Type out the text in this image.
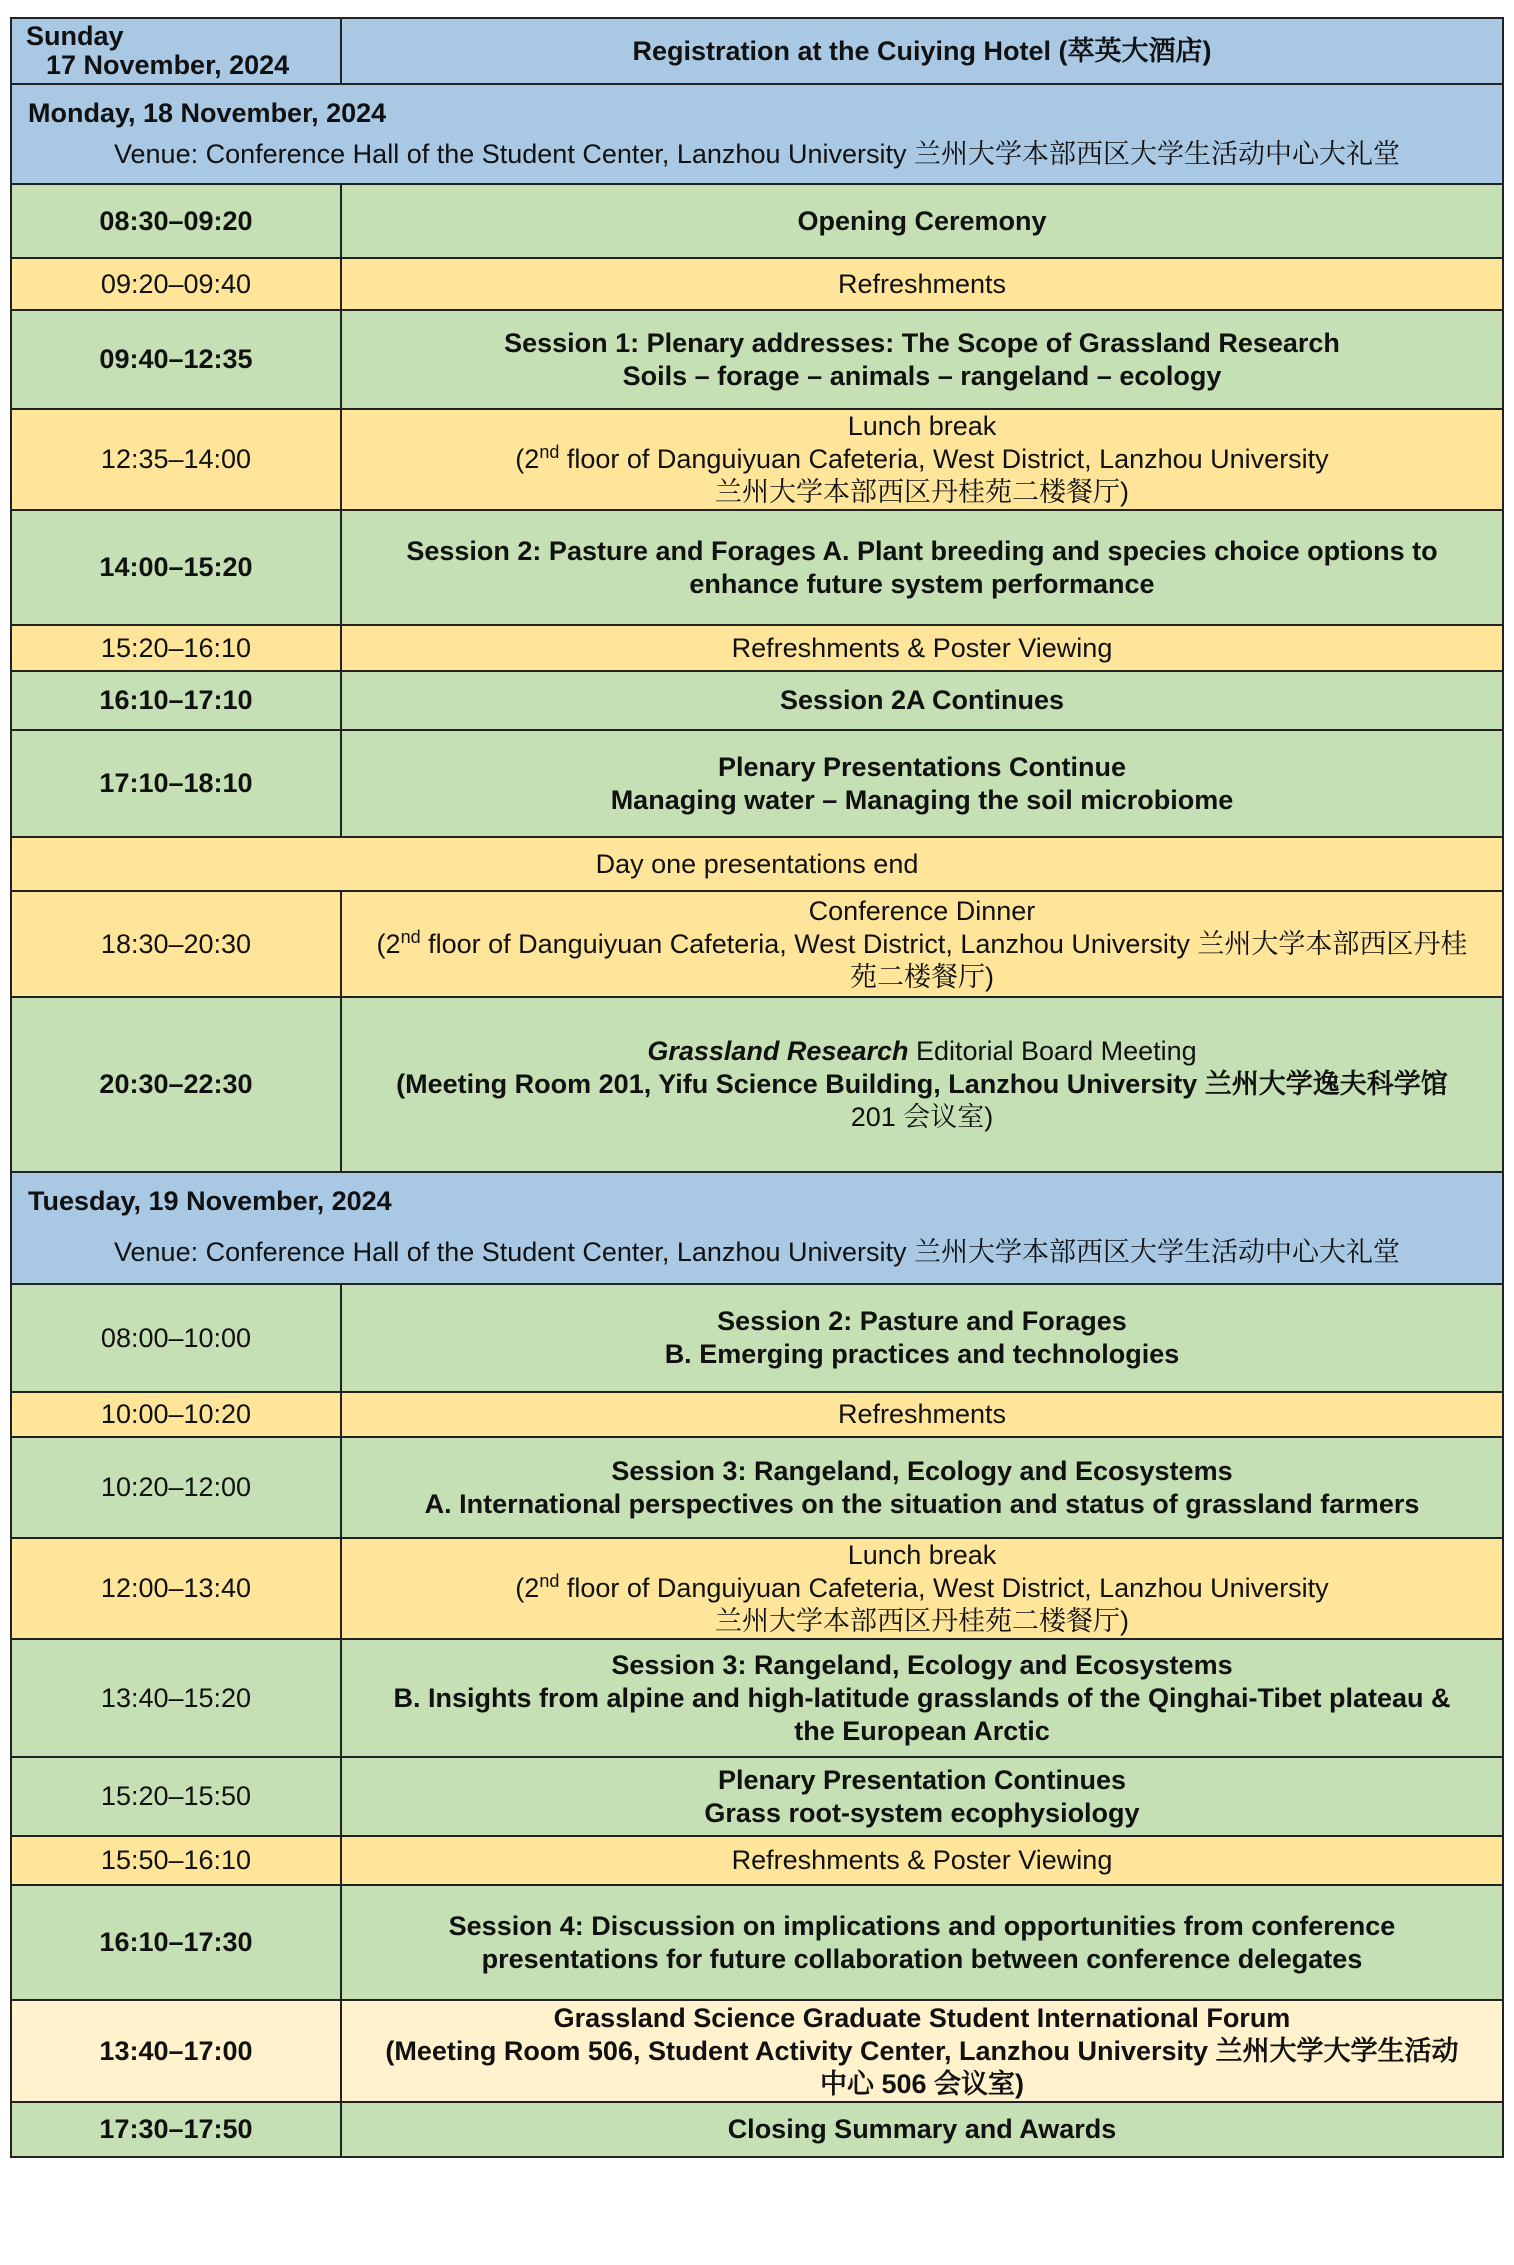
Sunday
17 November, 2024	Registration at the Cuiying Hotel (萃英大酒店)

Monday, 18 November, 2024
Venue: Conference Hall of the Student Center, Lanzhou University 兰州大学本部西区大学生活动中心大礼堂	

08:30–09:20	Opening Ceremony
09:20–09:40	Refreshments
09:40–12:35	Session 1: Plenary addresses: The Scope of Grassland Research
Soils – forage – animals – rangeland – ecology

12:35–14:00	Lunch break
(2nd floor of Danguiyuan Cafeteria, West District, Lanzhou University
兰州大学本部西区丹桂苑二楼餐厅)

14:00–15:20	Session 2: Pasture and Forages A. Plant breeding and species choice options to
enhance future system performance

15:20–16:10	Refreshments & Poster Viewing
16:10–17:10	Session 2A Continues
17:10–18:10	Plenary Presentations Continue
Managing water – Managing the soil microbiome

Day one presentations end	
18:30–20:30	Conference Dinner
(2nd floor of Danguiyuan Cafeteria, West District, Lanzhou University 兰州大学本部西区丹桂
苑二楼餐厅)

20:30–22:30	Grassland Research Editorial Board Meeting
(Meeting Room 201, Yifu Science Building, Lanzhou University 兰州大学逸夫科学馆
201 会议室)

Tuesday, 19 November, 2024
Venue: Conference Hall of the Student Center, Lanzhou University 兰州大学本部西区大学生活动中心大礼堂	

08:00–10:00	Session 2: Pasture and Forages
B. Emerging practices and technologies

10:00–10:20	Refreshments
10:20–12:00	Session 3: Rangeland, Ecology and Ecosystems
A. International perspectives on the situation and status of grassland farmers

12:00–13:40	Lunch break
(2nd floor of Danguiyuan Cafeteria, West District, Lanzhou University
兰州大学本部西区丹桂苑二楼餐厅)

13:40–15:20	Session 3: Rangeland, Ecology and Ecosystems
B. Insights from alpine and high-latitude grasslands of the Qinghai-Tibet plateau &
the European Arctic

15:20–15:50	Plenary Presentation Continues
Grass root-system ecophysiology

15:50–16:10	Refreshments & Poster Viewing
16:10–17:30	Session 4: Discussion on implications and opportunities from conference
presentations for future collaboration between conference delegates

13:40–17:00	Grassland Science Graduate Student International Forum
(Meeting Room 506, Student Activity Center, Lanzhou University 兰州大学大学生活动
中心 506 会议室)

17:30–17:50	Closing Summary and Awards
